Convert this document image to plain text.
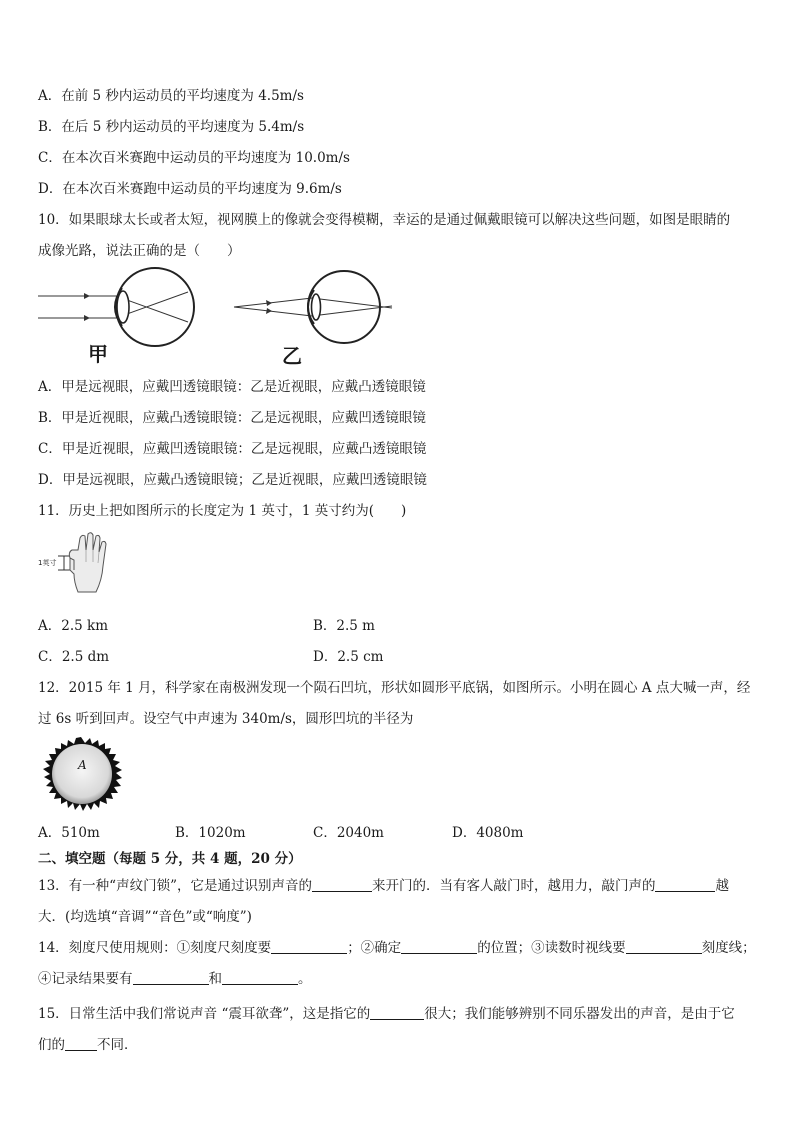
A．在前 5 秒内运动员的平均速度为 4.5m/s
B．在后 5 秒内运动员的平均速度为 5.4m/s
C．在本次百米赛跑中运动员的平均速度为 10.0m/s
D．在本次百米赛跑中运动员的平均速度为 9.6m/s
10．如果眼球太长或者太短，视网膜上的像就会变得模糊，幸运的是通过佩戴眼镜可以解决这些问题，如图是眼睛的
成像光路，说法正确的是（　　）
甲	乙
A．甲是远视眼，应戴凹透镜眼镜：乙是近视眼，应戴凸透镜眼镜
B．甲是近视眼，应戴凸透镜眼镜：乙是远视眼，应戴凹透镜眼镜
C．甲是近视眼，应戴凹透镜眼镜：乙是远视眼，应戴凸透镜眼镜
D．甲是远视眼，应戴凸透镜眼镜；乙是近视眼，应戴凹透镜眼镜
11．历史上把如图所示的长度定为 1 英寸，1 英寸约为(　　)
1英寸
A．2.5 km	B．2.5 m
C．2.5 dm	D．2.5 cm
12．2015 年 1 月，科学家在南极洲发现一个陨石凹坑，形状如圆形平底锅，如图所示。小明在圆心 A 点大喊一声，经
过 6s 听到回声。设空气中声速为 340m/s，圆形凹坑的半径为
A
A．510m	B．1020m	C．2040m	D．4080m
二、填空题（每题 5 分，共 4 题，20 分）
13．有一种“声纹门锁”，它是通过识别声音的	来开门的．当有客人敲门时，越用力，敲门声的	越
大．(均选填“音调”“音色”或“响度”)
14．刻度尺使用规则：①刻度尺刻度要	；②确定	的位置；③读数时视线要	刻度线；
④记录结果要有	和	。
15．日常生活中我们常说声音 “震耳欲聋”，这是指它的	很大；我们能够辨别不同乐器发出的声音，是由于它
们的 不同．
